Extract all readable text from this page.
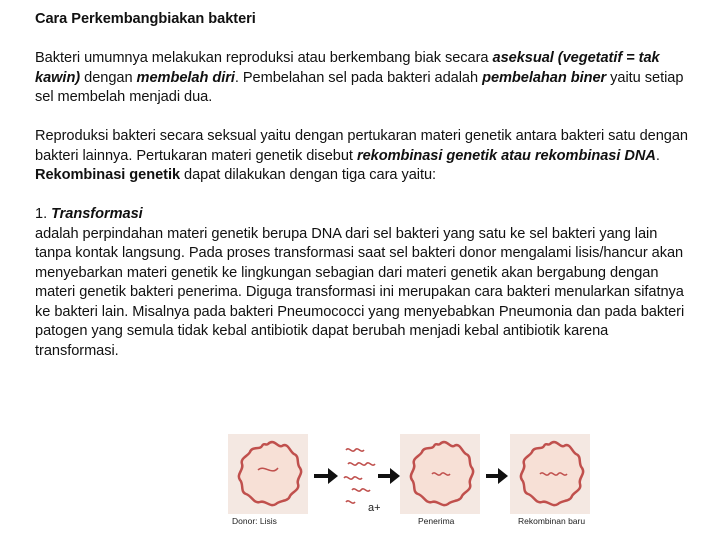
Cara Perkembangbiakan bakteri

Bakteri umumnya melakukan reproduksi atau berkembang biak secara aseksual (vegetatif = tak kawin) dengan membelah diri. Pembelahan sel pada bakteri adalah pembelahan biner yaitu setiap sel membelah menjadi dua.

Reproduksi bakteri secara seksual yaitu dengan pertukaran materi genetik antara bakteri satu dengan bakteri lainnya. Pertukaran materi genetik disebut rekombinasi genetik atau rekombinasi DNA.

Rekombinasi genetik dapat dilakukan dengan tiga cara yaitu:

1. Transformasi

adalah perpindahan materi genetik berupa DNA dari sel bakteri yang satu ke sel bakteri yang lain tanpa kontak langsung. Pada proses transformasi saat sel bakteri donor mengalami lisis/hancur akan menyebarkan materi genetik ke lingkungan sebagian dari materi genetik akan bergabung dengan materi genetik bakteri penerima. Diguga transformasi ini merupakan cara bakteri menularkan sifatnya ke bakteri lain. Misalnya pada bakteri Pneumococci yang menyebabkan Pneumonia dan pada bakteri patogen yang semula tidak kebal antibiotik dapat berubah menjadi kebal antibiotik karena transformasi.

Donor: Lisis
a+
Penerima	Rekombinan baru
